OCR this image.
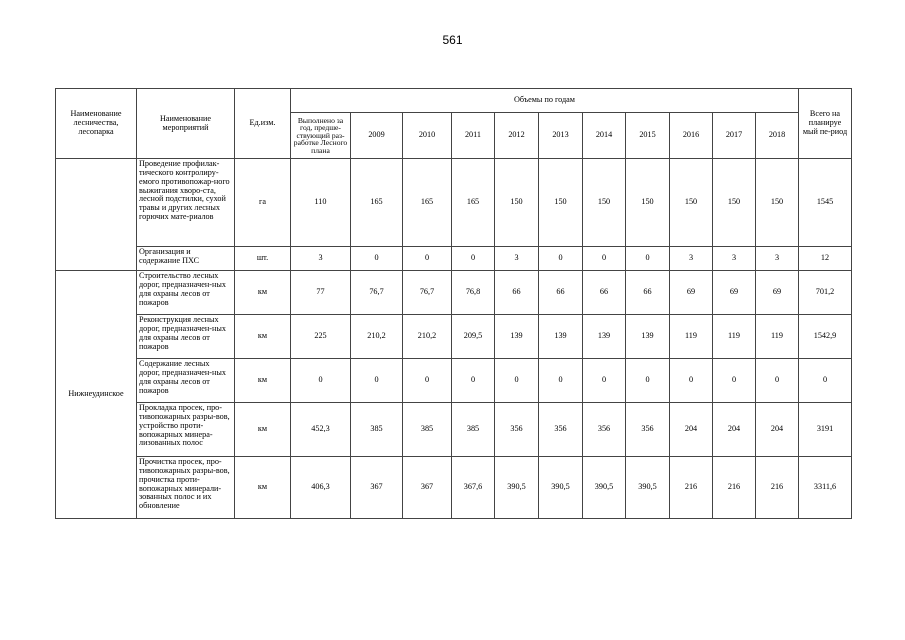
561
Наименование лесничества, лесопарка	Наименование мероприятий	Ед.изм.	Объемы по годам											Всего на планируе мый пе-риод
			Выполнено за год, предше-ствующий раз-работке Лесного плана	2009	2010	2011	2012	2013	2014	2015	2016	2017	2018	
	Проведение профилак-тического контролиру-емого противопожар-ного выжигания хворо-ста, лесной подстилки, сухой травы и других лесных горючих мате-риалов	га	110	165	165	165	150	150	150	150	150	150	150	1545
	Организация и содержание ПХС	шт.	3	0	0	0	3	0	0	0	3	3	3	12
Нижнеудинское	Строительство лесных дорог, предназначен-ных для охраны лесов от пожаров	км	77	76,7	76,7	76,8	66	66	66	66	69	69	69	701,2
	Реконструкция лесных дорог, предназначен-ных для охраны лесов от пожаров	км	225	210,2	210,2	209,5	139	139	139	139	119	119	119	1542,9
	Содержание лесных дорог, предназначен-ных для охраны лесов от пожаров	км	0	0	0	0	0	0	0	0	0	0	0	0
	Прокладка просек, про-тивопожарных разры-вов, устройство проти-вопожарных минера-лизованных полос	км	452,3	385	385	385	356	356	356	356	204	204	204	3191
	Прочистка просек, про-тивопожарных разры-вов, прочистка проти-вопожарных минерали-зованных полос и их обновление	км	406,3	367	367	367,6	390,5	390,5	390,5	390,5	216	216	216	3311,6
